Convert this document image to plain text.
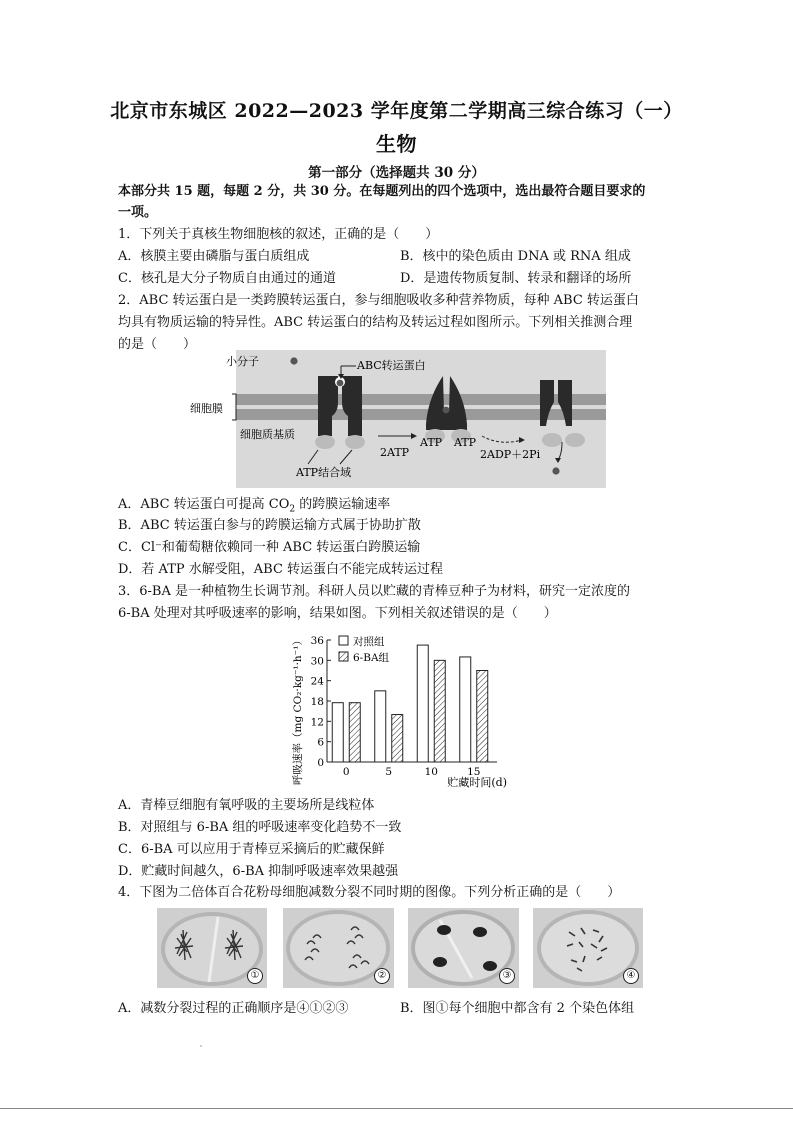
北京市东城区 2022—2023 学年度第二学期高三综合练习（一）
生物
第一部分（选择题共 30 分）
本部分共 15 题，每题 2 分，共 30 分。在每题列出的四个选项中，选出最符合题目要求的
一项。
1．下列关于真核生物细胞核的叙述，正确的是（　　）
A．核膜主要由磷脂与蛋白质组成	B．核中的染色质由 DNA 或 RNA 组成
C．核孔是大分子物质自由通过的通道	D．是遗传物质复制、转录和翻译的场所
2．ABC 转运蛋白是一类跨膜转运蛋白，参与细胞吸收多种营养物质，每种 ABC 转运蛋白
均具有物质运输的特异性。ABC 转运蛋白的结构及转运过程如图所示。下列相关推测合理
的是（　　）
细胞膜
小分子	ABC转运蛋白
细胞质基质
2ATP
ATP ATP
2ADP＋2Pi
ATP结合域
A．ABC 转运蛋白可提高 $CO_2$ 的跨膜运输速率
B．ABC 转运蛋白参与的跨膜运输方式属于协助扩散
C．Cl⁻和葡萄糖依赖同一种 ABC 转运蛋白跨膜运输
D．若 ATP 水解受阻，ABC 转运蛋白不能完成转运过程
3．6-BA 是一种植物生长调节剂。科研人员以贮藏的青棒豆种子为材料，研究一定浓度的
6-BA 处理对其呼吸速率的影响，结果如图。下列相关叙述错误的是（　　）
呼吸速率（mg CO₂·kg⁻¹·h⁻¹） 0
6
12
18
24
30
36
0	5	10	15
对照组
6-BA组
贮藏时间(d)
A．青棒豆细胞有氧呼吸的主要场所是线粒体
B．对照组与 6-BA 组的呼吸速率变化趋势不一致
C．6-BA 可以应用于青棒豆采摘后的贮藏保鲜
D．贮藏时间越久，6-BA 抑制呼吸速率效果越强
4．下图为二倍体百合花粉母细胞减数分裂不同时期的图像。下列分析正确的是（　　）
①	②	③	④
A．减数分裂过程的正确顺序是④①②③	B．图①每个细胞中都含有 2 个染色体组
